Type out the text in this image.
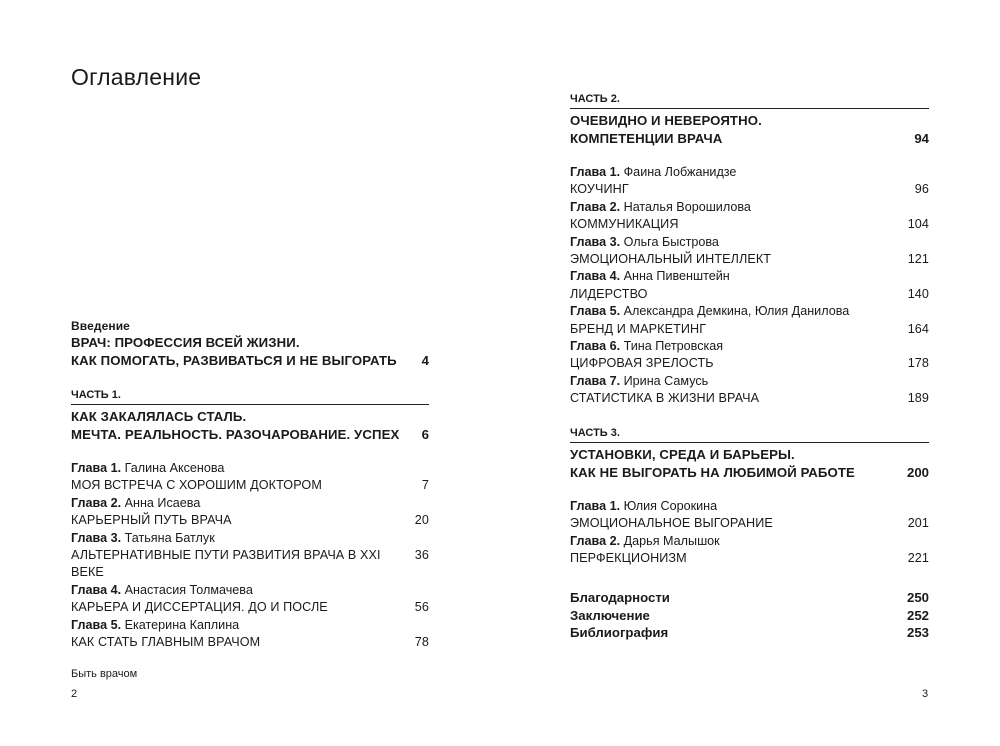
Оглавление
Введение
ВРАЧ: ПРОФЕССИЯ ВСЕЙ ЖИЗНИ.
КАК ПОМОГАТЬ, РАЗВИВАТЬСЯ И НЕ ВЫГОРАТЬ 4
ЧАСТЬ 1.
КАК ЗАКАЛЯЛАСЬ СТАЛЬ.
МЕЧТА. РЕАЛЬНОСТЬ. РАЗОЧАРОВАНИЕ. УСПЕХ 6
Глава 1. Галина Аксенова
МОЯ ВСТРЕЧА С ХОРОШИМ ДОКТОРОМ	7
Глава 2. Анна Исаева
КАРЬЕРНЫЙ ПУТЬ ВРАЧА	20
Глава 3. Татьяна Батлук
АЛЬТЕРНАТИВНЫЕ ПУТИ РАЗВИТИЯ ВРАЧА В XXI ВЕКЕ
36
Глава 4. Анастасия Толмачева
КАРЬЕРА И ДИССЕРТАЦИЯ. ДО И ПОСЛЕ	56
Глава 5. Екатерина Каплина
КАК СТАТЬ ГЛАВНЫМ ВРАЧОМ	78
ЧАСТЬ 2.
ОЧЕВИДНО И НЕВЕРОЯТНО.
КОМПЕТЕНЦИИ ВРАЧА	94
Глава 1. Фаина Лобжанидзе
КОУЧИНГ	96
Глава 2. Наталья Ворошилова
КОММУНИКАЦИЯ	104
Глава 3. Ольга Быстрова
ЭМОЦИОНАЛЬНЫЙ ИНТЕЛЛЕКТ	121
Глава 4. Анна Пивенштейн
ЛИДЕРСТВО	140
Глава 5. Александра Демкина, Юлия Данилова
БРЕНД И МАРКЕТИНГ	164
Глава 6. Тина Петровская
ЦИФРОВАЯ ЗРЕЛОСТЬ	178
Глава 7. Ирина Самусь
СТАТИСТИКА В ЖИЗНИ ВРАЧА	189
ЧАСТЬ 3.
УСТАНОВКИ, СРЕДА И БАРЬЕРЫ.
КАК НЕ ВЫГОРАТЬ НА ЛЮБИМОЙ РАБОТЕ	200
Глава 1. Юлия Сорокина
ЭМОЦИОНАЛЬНОЕ ВЫГОРАНИЕ	201
Глава 2. Дарья Малышок
ПЕРФЕКЦИОНИЗМ	221
Благодарности	250
Заключение	252
Библиография	253
Быть врачом
2	3
